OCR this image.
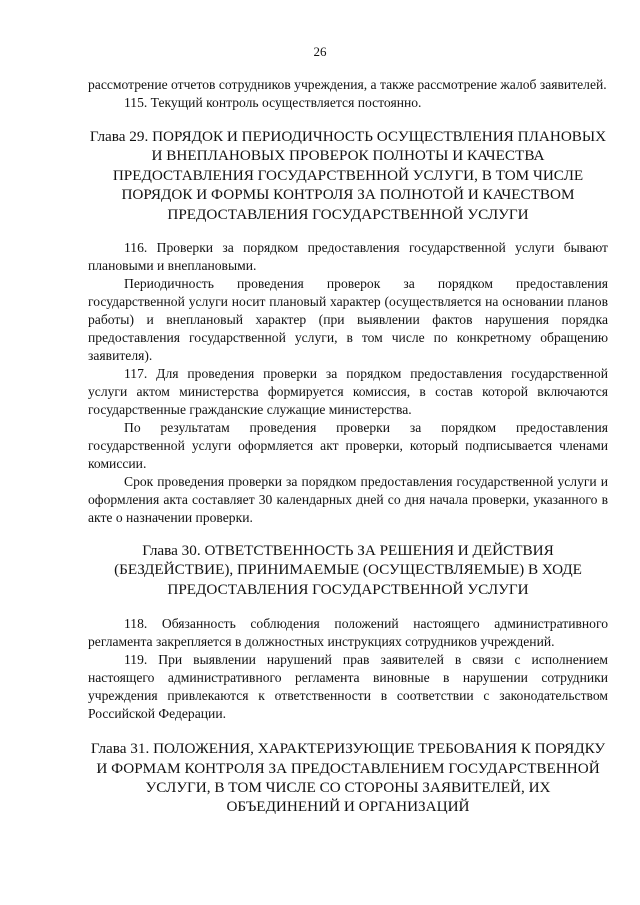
26

рассмотрение отчетов сотрудников учреждения, а также рассмотрение жалоб заявителей.

115. Текущий контроль осуществляется постоянно.

Глава 29. ПОРЯДОК И ПЕРИОДИЧНОСТЬ ОСУЩЕСТВЛЕНИЯ ПЛАНОВЫХ И ВНЕПЛАНОВЫХ ПРОВЕРОК ПОЛНОТЫ И КАЧЕСТВА ПРЕДОСТАВЛЕНИЯ ГОСУДАРСТВЕННОЙ УСЛУГИ, В ТОМ ЧИСЛЕ ПОРЯДОК И ФОРМЫ КОНТРОЛЯ ЗА ПОЛНОТОЙ И КАЧЕСТВОМ ПРЕДОСТАВЛЕНИЯ ГОСУДАРСТВЕННОЙ УСЛУГИ

116. Проверки за порядком предоставления государственной услуги бывают плановыми и внеплановыми.

Периодичность проведения проверок за порядком предоставления государственной услуги носит плановый характер (осуществляется на основании планов работы) и внеплановый характер (при выявлении фактов нарушения порядка предоставления государственной услуги, в том числе по конкретному обращению заявителя).

117. Для проведения проверки за порядком предоставления государственной услуги актом министерства формируется комиссия, в состав которой включаются государственные гражданские служащие министерства.

По результатам проведения проверки за порядком предоставления государственной услуги оформляется акт проверки, который подписывается членами комиссии.

Срок проведения проверки за порядком предоставления государственной услуги и оформления акта составляет 30 календарных дней со дня начала проверки, указанного в акте о назначении проверки.

Глава 30. ОТВЕТСТВЕННОСТЬ ЗА РЕШЕНИЯ И ДЕЙСТВИЯ (БЕЗДЕЙСТВИЕ), ПРИНИМАЕМЫЕ (ОСУЩЕСТВЛЯЕМЫЕ) В ХОДЕ ПРЕДОСТАВЛЕНИЯ ГОСУДАРСТВЕННОЙ УСЛУГИ

118. Обязанность соблюдения положений настоящего административного регламента закрепляется в должностных инструкциях сотрудников учреждений.

119. При выявлении нарушений прав заявителей в связи с исполнением настоящего административного регламента виновные в нарушении сотрудники учреждения привлекаются к ответственности в соответствии с законодательством Российской Федерации.

Глава 31. ПОЛОЖЕНИЯ, ХАРАКТЕРИЗУЮЩИЕ ТРЕБОВАНИЯ К ПОРЯДКУ И ФОРМАМ КОНТРОЛЯ ЗА ПРЕДОСТАВЛЕНИЕМ ГОСУДАРСТВЕННОЙ УСЛУГИ, В ТОМ ЧИСЛЕ СО СТОРОНЫ ЗАЯВИТЕЛЕЙ, ИХ ОБЪЕДИНЕНИЙ И ОРГАНИЗАЦИЙ
